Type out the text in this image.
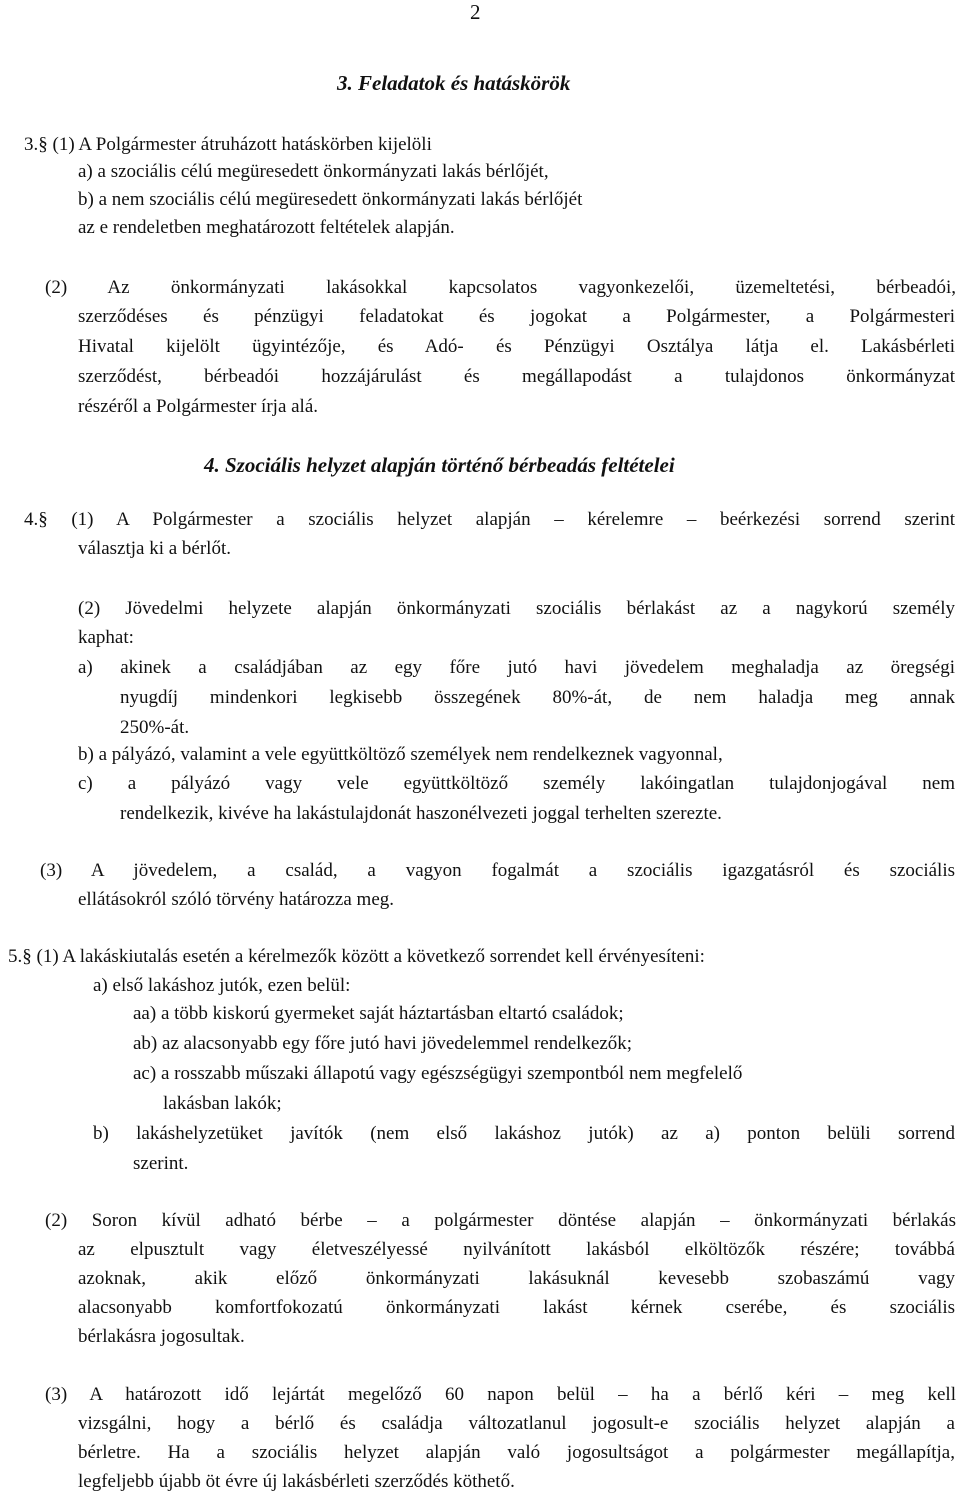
2
3. Feladatok és hatáskörök
3.§ (1) A Polgármester átruházott hatáskörben kijelöli
a) a szociális célú megüresedett önkormányzati lakás bérlőjét,
b) a nem szociális célú megüresedett önkormányzati lakás bérlőjét
az e rendeletben meghatározott feltételek alapján.
(2) Az önkormányzati lakásokkal kapcsolatos vagyonkezelői, üzemeltetési, bérbeadói,
szerződéses és pénzügyi feladatokat és jogokat a Polgármester, a Polgármesteri
Hivatal kijelölt ügyintézője, és Adó- és Pénzügyi Osztálya látja el. Lakásbérleti
szerződést, bérbeadói hozzájárulást és megállapodást a tulajdonos önkormányzat
részéről a Polgármester írja alá.
4. Szociális helyzet alapján történő bérbeadás feltételei
4.§ (1) A Polgármester a szociális helyzet alapján – kérelemre – beérkezési sorrend szerint
választja ki a bérlőt.
(2) Jövedelmi helyzete alapján önkormányzati szociális bérlakást az a nagykorú személy
kaphat:
a) akinek a családjában az egy főre jutó havi jövedelem meghaladja az öregségi
nyugdíj mindenkori legkisebb összegének 80%-át, de nem haladja meg annak
250%-át.
b) a pályázó, valamint a vele együttköltöző személyek nem rendelkeznek vagyonnal,
c) a pályázó vagy vele együttköltöző személy lakóingatlan tulajdonjogával nem
rendelkezik, kivéve ha lakástulajdonát haszonélvezeti joggal terhelten szerezte.
(3) A jövedelem, a család, a vagyon fogalmát a szociális igazgatásról és szociális
ellátásokról szóló törvény határozza meg.
5.§ (1) A lakáskiutalás esetén a kérelmezők között a következő sorrendet kell érvényesíteni:
a) első lakáshoz jutók, ezen belül:
aa) a több kiskorú gyermeket saját háztartásban eltartó családok;
ab) az alacsonyabb egy főre jutó havi jövedelemmel rendelkezők;
ac) a rosszabb műszaki állapotú vagy egészségügyi szempontból nem megfelelő
lakásban lakók;
b) lakáshelyzetüket javítók (nem első lakáshoz jutók) az a) ponton belüli sorrend
szerint.
(2) Soron kívül adható bérbe – a polgármester döntése alapján – önkormányzati bérlakás
az elpusztult vagy életveszélyessé nyilvánított lakásból elköltözők részére; továbbá
azoknak, akik előző önkormányzati lakásuknál kevesebb szobaszámú vagy
alacsonyabb komfortfokozatú önkormányzati lakást kérnek cserébe, és szociális
bérlakásra jogosultak.
(3) A határozott idő lejártát megelőző 60 napon belül – ha a bérlő kéri – meg kell
vizsgálni, hogy a bérlő és családja változatlanul jogosult-e szociális helyzet alapján a
bérletre. Ha a szociális helyzet alapján való jogosultságot a polgármester megállapítja,
legfeljebb újabb öt évre új lakásbérleti szerződés köthető.
